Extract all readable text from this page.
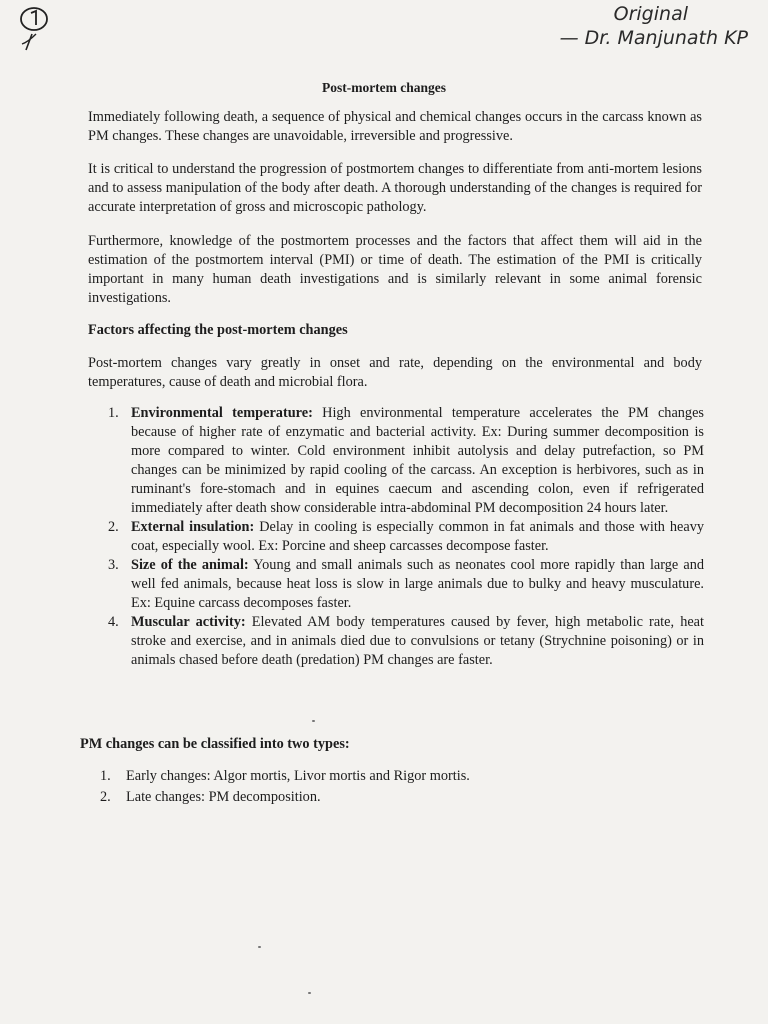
Original
— Dr. Manjunath KP
Post-mortem changes

Immediately following death, a sequence of physical and chemical changes occurs in the carcass known as PM changes. These changes are unavoidable, irreversible and progressive.

It is critical to understand the progression of postmortem changes to differentiate from anti-mortem lesions and to assess manipulation of the body after death. A thorough understanding of the changes is required for accurate interpretation of gross and microscopic pathology.

Furthermore, knowledge of the postmortem processes and the factors that affect them will aid in the estimation of the postmortem interval (PMI) or time of death. The estimation of the PMI is critically important in many human death investigations and is similarly relevant in some animal forensic investigations.

Factors affecting the post-mortem changes

Post-mortem changes vary greatly in onset and rate, depending on the environmental and body temperatures, cause of death and microbial flora.

1. Environmental temperature: High environmental temperature accelerates the PM changes because of higher rate of enzymatic and bacterial activity. Ex: During summer decomposition is more compared to winter. Cold environment inhibit autolysis and delay putrefaction, so PM changes can be minimized by rapid cooling of the carcass. An exception is herbivores, such as in ruminant's fore-stomach and in equines caecum and ascending colon, even if refrigerated immediately after death show considerable intra-abdominal PM decomposition 24 hours later.
2. External insulation: Delay in cooling is especially common in fat animals and those with heavy coat, especially wool. Ex: Porcine and sheep carcasses decompose faster.
3. Size of the animal: Young and small animals such as neonates cool more rapidly than large and well fed animals, because heat loss is slow in large animals due to bulky and heavy musculature. Ex: Equine carcass decomposes faster.
4. Muscular activity: Elevated AM body temperatures caused by fever, high metabolic rate, heat stroke and exercise, and in animals died due to convulsions or tetany (Strychnine poisoning) or in animals chased before death (predation) PM changes are faster.

PM changes can be classified into two types:

1. Early changes: Algor mortis, Livor mortis and Rigor mortis.
2. Late changes: PM decomposition.
